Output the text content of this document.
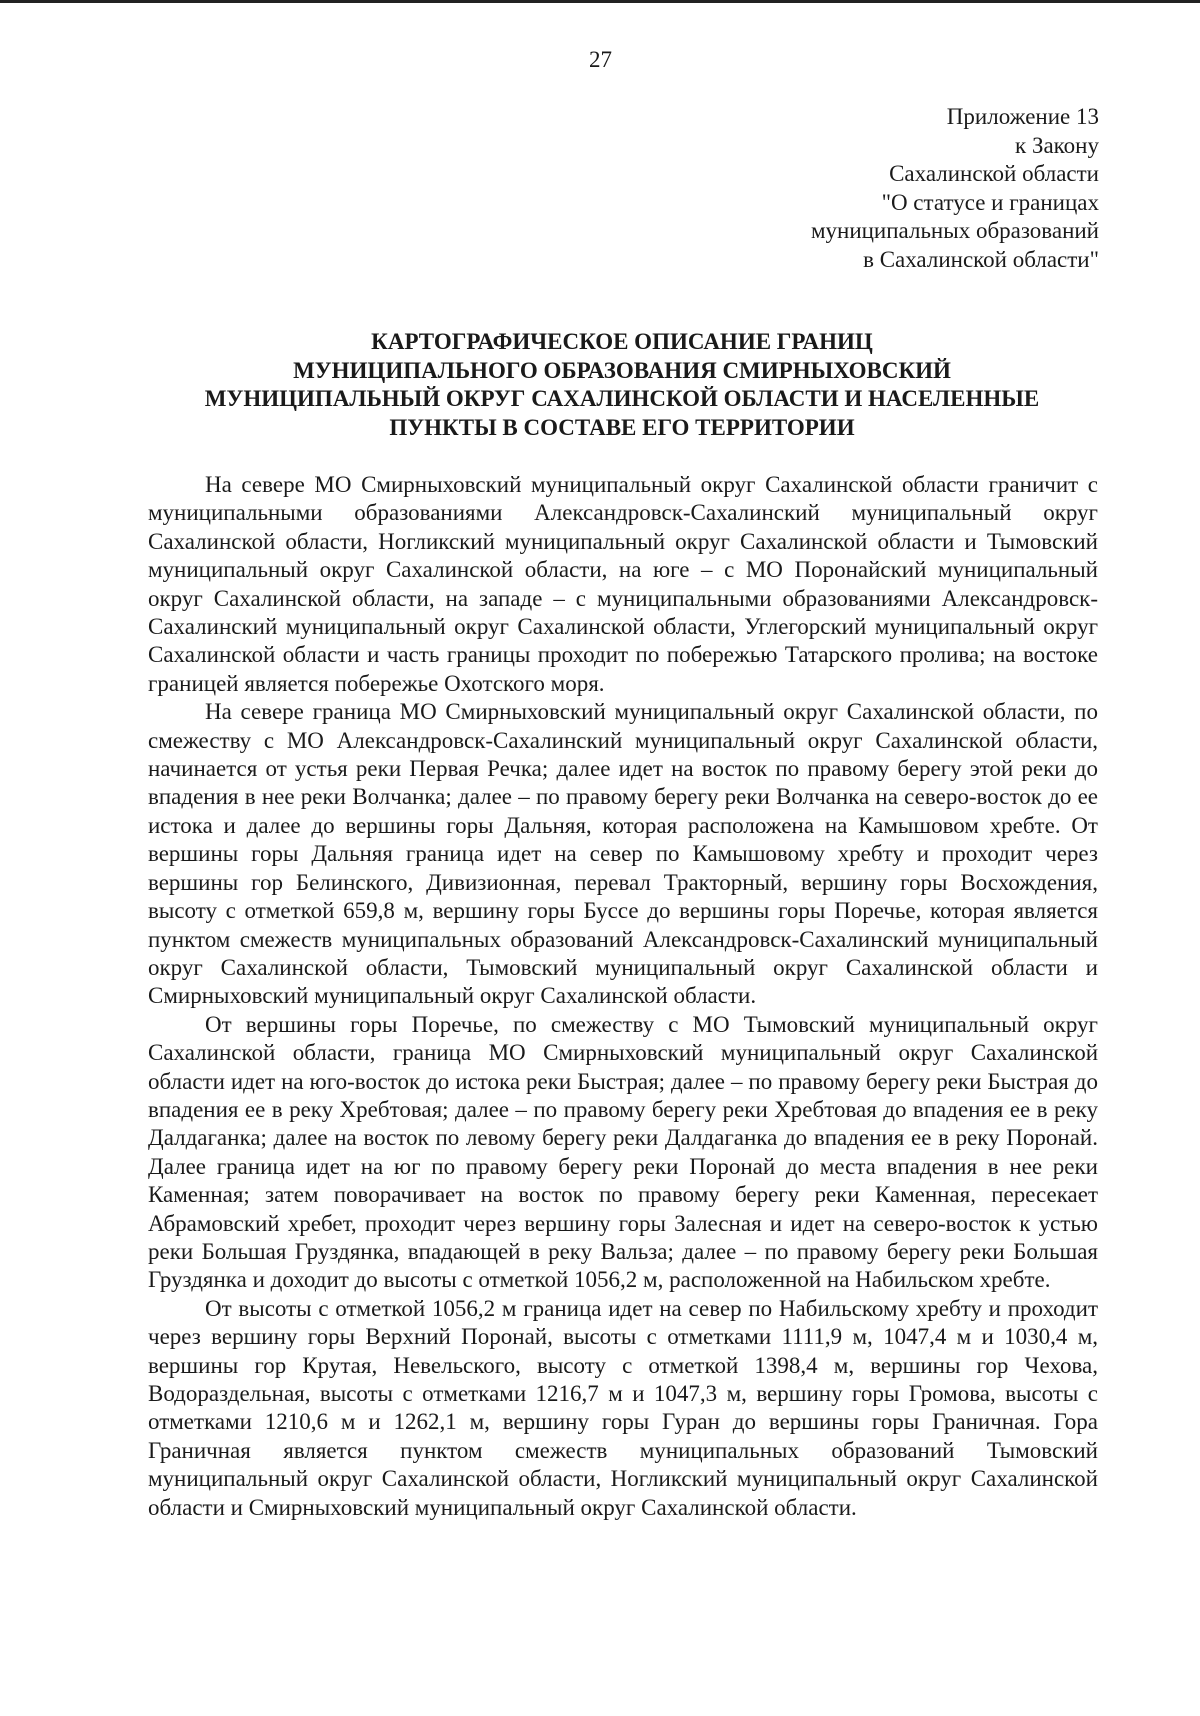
27
Приложение 13
к Закону
Сахалинской области
"О статусе и границах
муниципальных образований
в Сахалинской области"
КАРТОГРАФИЧЕСКОЕ ОПИСАНИЕ ГРАНИЦ
МУНИЦИПАЛЬНОГО ОБРАЗОВАНИЯ СМИРНЫХОВСКИЙ
МУНИЦИПАЛЬНЫЙ ОКРУГ САХАЛИНСКОЙ ОБЛАСТИ И НАСЕЛЕННЫЕ
ПУНКТЫ В СОСТАВЕ ЕГО ТЕРРИТОРИИ

На севере МО Смирныховский муниципальный округ Сахалинской области граничит с муниципальными образованиями Александровск-Сахалинский муниципальный округ Сахалинской области, Ногликский муниципальный округ Сахалинской области и Тымовский муниципальный округ Сахалинской области, на юге – с МО Поронайский муниципальный округ Сахалинской области, на западе – с муниципальными образованиями Александровск-Сахалинский муниципальный округ Сахалинской области, Углегорский муниципальный округ Сахалинской области и часть границы проходит по побережью Татарского пролива; на востоке границей является побережье Охотского моря.

На севере граница МО Смирныховский муниципальный округ Сахалинской области, по смежеству с МО Александровск-Сахалинский муниципальный округ Сахалинской области, начинается от устья реки Первая Речка; далее идет на восток по правому берегу этой реки до впадения в нее реки Волчанка; далее – по правому берегу реки Волчанка на северо-восток до ее истока и далее до вершины горы Дальняя, которая расположена на Камышовом хребте. От вершины горы Дальняя граница идет на север по Камышовому хребту и проходит через вершины гор Белинского, Дивизионная, перевал Тракторный, вершину горы Восхождения, высоту с отметкой 659,8 м, вершину горы Буссе до вершины горы Поречье, которая является пунктом смежеств муниципальных образований Александровск-Сахалинский муниципальный округ Сахалинской области, Тымовский муниципальный округ Сахалинской области и Смирныховский муниципальный округ Сахалинской области.

От вершины горы Поречье, по смежеству с МО Тымовский муниципальный округ Сахалинской области, граница МО Смирныховский муниципальный округ Сахалинской области идет на юго-восток до истока реки Быстрая; далее – по правому берегу реки Быстрая до впадения ее в реку Хребтовая; далее – по правому берегу реки Хребтовая до впадения ее в реку Далдаганка; далее на восток по левому берегу реки Далдаганка до впадения ее в реку Поронай. Далее граница идет на юг по правому берегу реки Поронай до места впадения в нее реки Каменная; затем поворачивает на восток по правому берегу реки Каменная, пересекает Абрамовский хребет, проходит через вершину горы Залесная и идет на северо-восток к устью реки Большая Груздянка, впадающей в реку Вальза; далее – по правому берегу реки Большая Груздянка и доходит до высоты с отметкой 1056,2 м, расположенной на Набильском хребте.

От высоты с отметкой 1056,2 м граница идет на север по Набильскому хребту и проходит через вершину горы Верхний Поронай, высоты с отметками 1111,9 м, 1047,4 м и 1030,4 м, вершины гор Крутая, Невельского, высоту с отметкой 1398,4 м, вершины гор Чехова, Водораздельная, высоты с отметками 1216,7 м и 1047,3 м, вершину горы Громова, высоты с отметками 1210,6 м и 1262,1 м, вершину горы Гуран до вершины горы Граничная. Гора Граничная является пунктом смежеств муниципальных образований Тымовский муниципальный округ Сахалинской области, Ногликский муниципальный округ Сахалинской области и Смирныховский муниципальный округ Сахалинской области.
